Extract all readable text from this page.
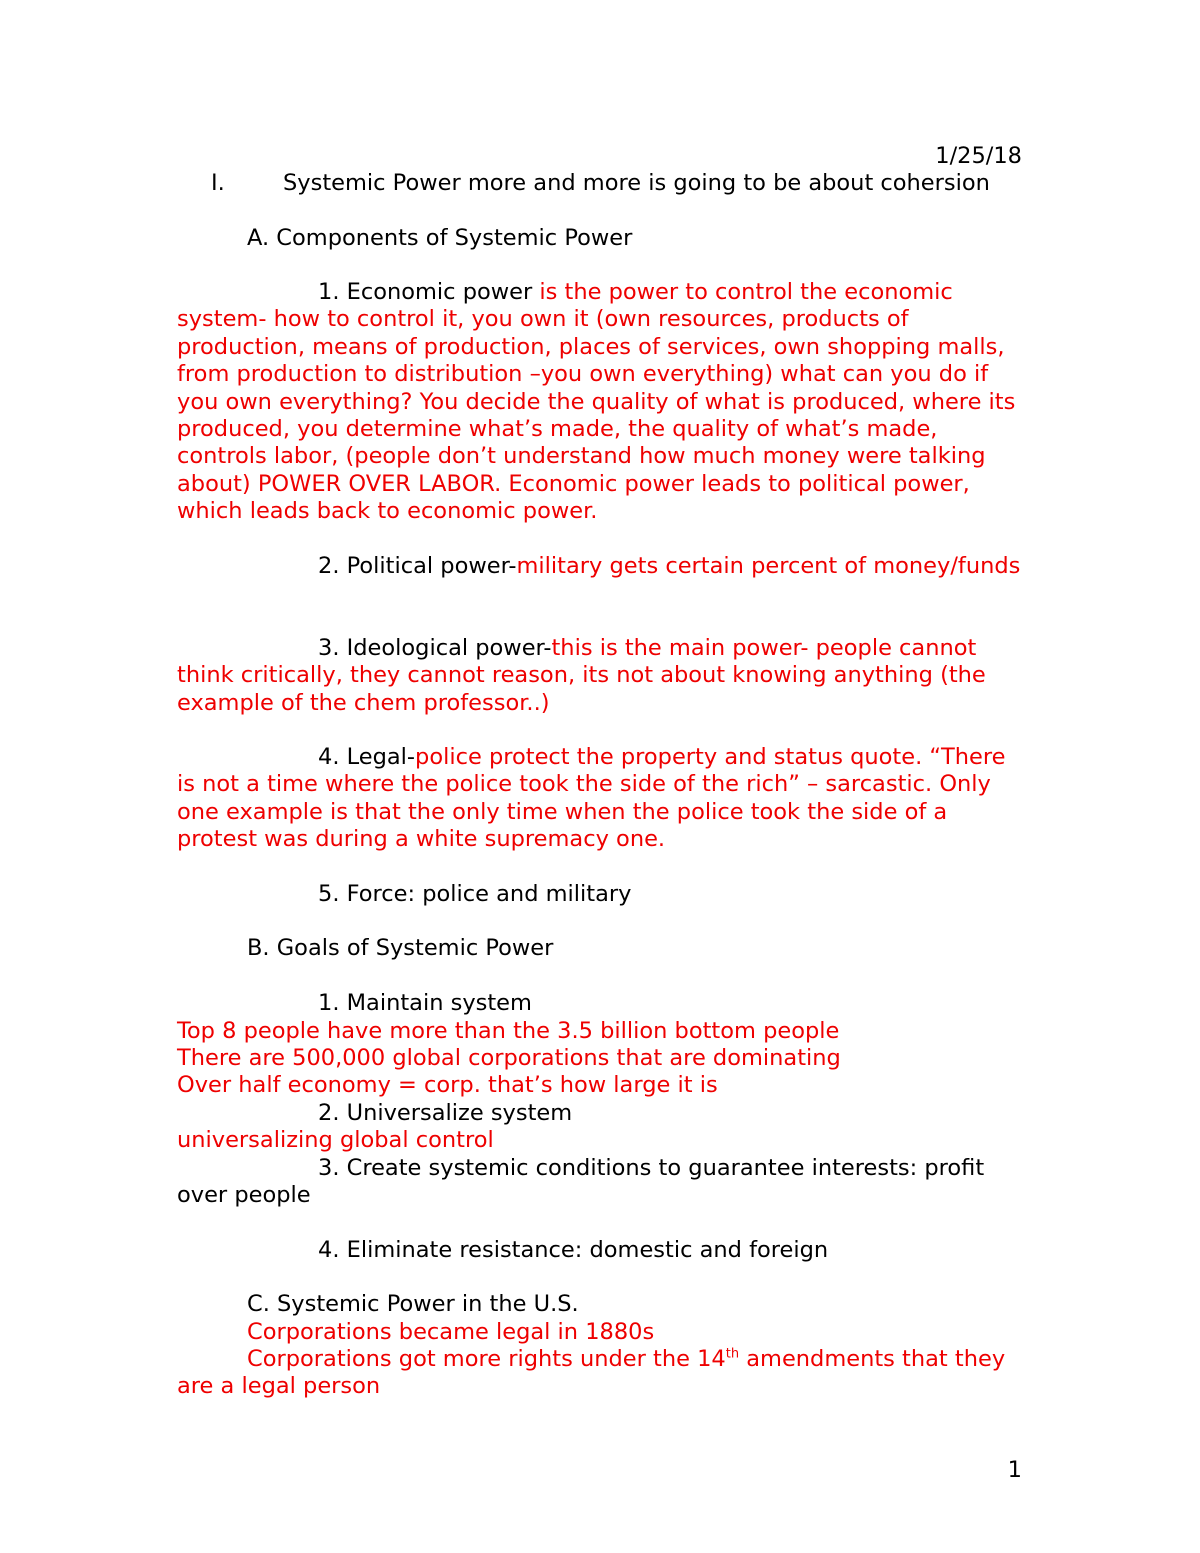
1/25/18
I.	Systemic Power more and more is going to be about cohersion
A. Components of Systemic Power
1. Economic power is the power to control the economic system- how to control it, you own it (own resources, products of production, means of production, places of services, own shopping malls, from production to distribution –you own everything) what can you do if you own everything? You decide the quality of what is produced, where its produced, you determine what’s made, the quality of what’s made, controls labor, (people don’t understand how much money were talking about) POWER OVER LABOR. Economic power leads to political power, which leads back to economic power.
2. Political power-military gets certain percent of money/funds
3. Ideological power-this is the main power- people cannot think critically, they cannot reason, its not about knowing anything (the example of the chem professor..)
4. Legal-police protect the property and status quote. “There is not a time where the police took the side of the rich” – sarcastic. Only one example is that the only time when the police took the side of a protest was during a white supremacy one.
5. Force: police and military
B. Goals of Systemic Power
1. Maintain system
Top 8 people have more than the 3.5 billion bottom people
There are 500,000 global corporations that are dominating
Over half economy = corp. that’s how large it is
2. Universalize system
universalizing global control
3. Create systemic conditions to guarantee interests: profit over people
4. Eliminate resistance: domestic and foreign
C. Systemic Power in the U.S.
Corporations became legal in 1880s
Corporations got more rights under the 14th amendments that they are a legal person
1
